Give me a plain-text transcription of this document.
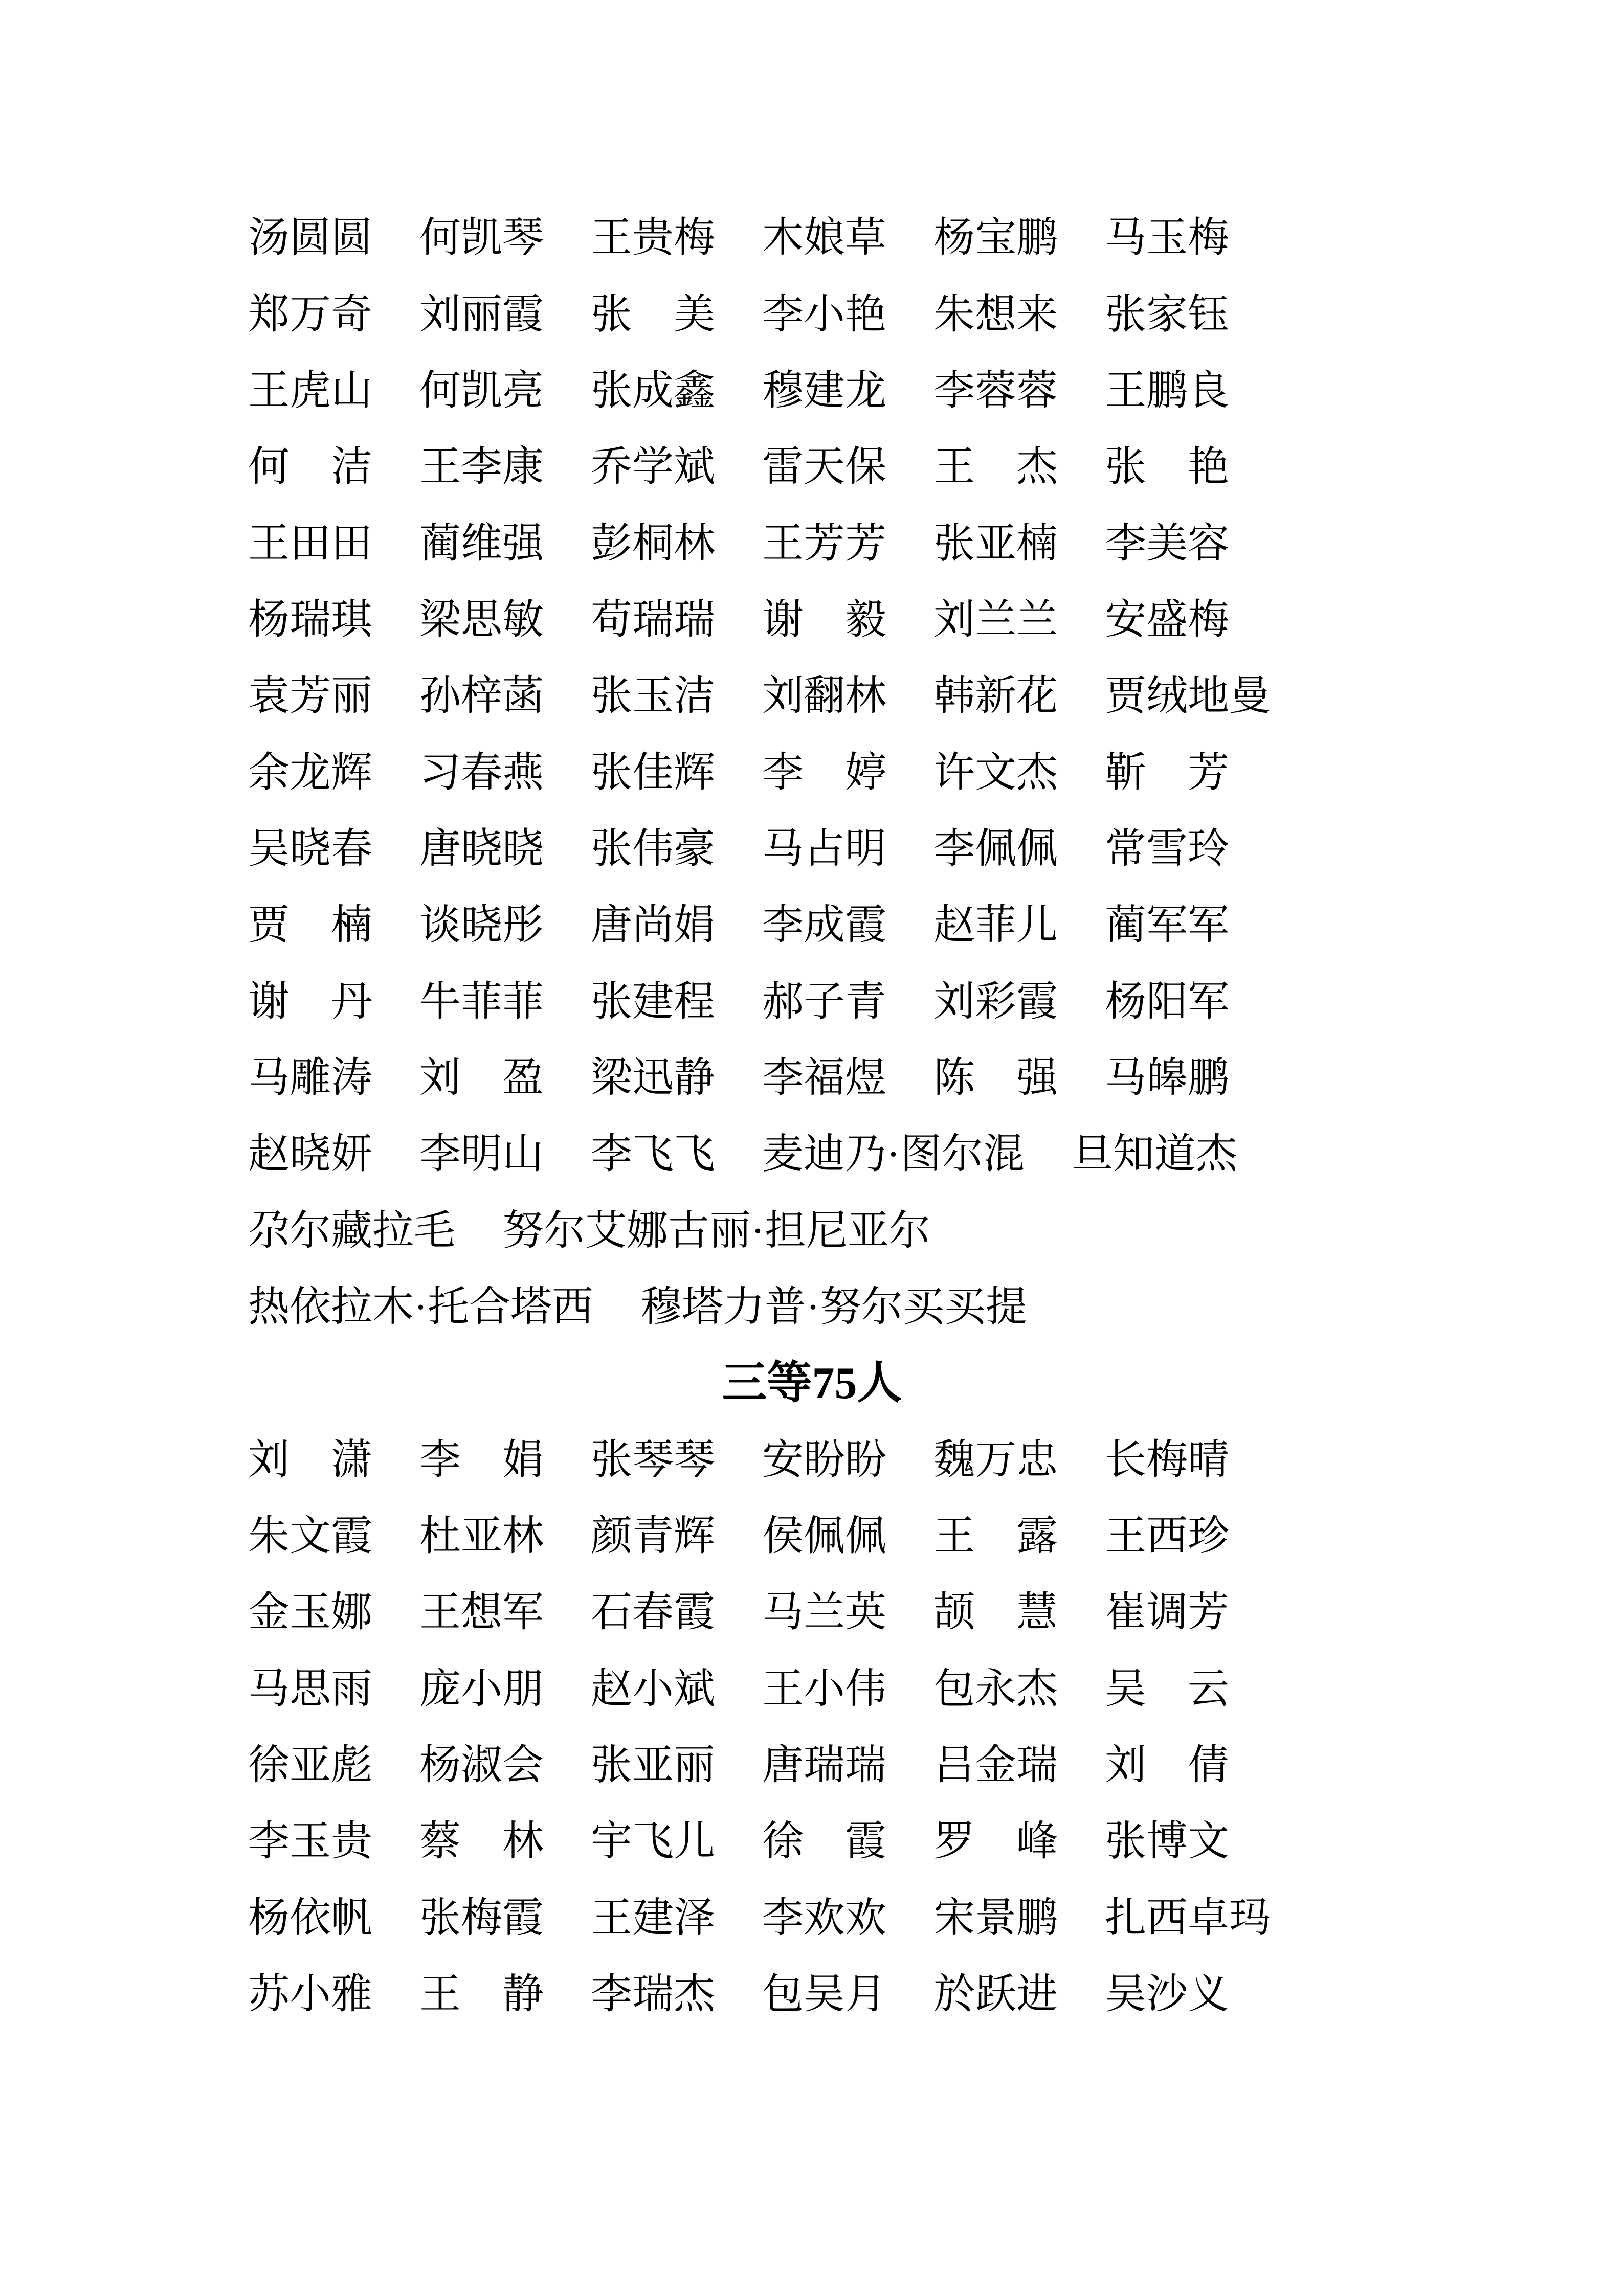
汤圆圆 何凯琴 王贵梅 木娘草 杨宝鹏 马玉梅
郑万奇 刘丽霞 张　美 李小艳 朱想来 张家钰
王虎山 何凯亮 张成鑫 穆建龙 李蓉蓉 王鹏良
何　洁 王李康 乔学斌 雷天保 王　杰 张　艳
王田田 蔺维强 彭桐林 王芳芳 张亚楠 李美容
杨瑞琪 梁思敏 苟瑞瑞 谢　毅 刘兰兰 安盛梅
袁芳丽 孙梓菡 张玉洁 刘翻林 韩新花 贾绒地曼
余龙辉 习春燕 张佳辉 李　婷 许文杰 靳　芳
吴晓春 唐晓晓 张伟豪 马占明 李佩佩 常雪玲
贾　楠 谈晓彤 唐尚娟 李成霞 赵菲儿 蔺军军
谢　丹 牛菲菲 张建程 郝子青 刘彩霞 杨阳军
马雕涛 刘　盈 梁迅静 李福煜 陈　强 马皞鹏
赵晓妍 李明山 李飞飞 麦迪乃·图尔混 旦知道杰
尕尔藏拉毛 努尔艾娜古丽·担尼亚尔
热依拉木·托合塔西 穆塔力普·努尔买买提
三等75人
刘　潇 李　娟 张琴琴 安盼盼 魏万忠 长梅晴
朱文霞 杜亚林 颜青辉 侯佩佩 王　露 王西珍
金玉娜 王想军 石春霞 马兰英 颉　慧 崔调芳
马思雨 庞小朋 赵小斌 王小伟 包永杰 吴　云
徐亚彪 杨淑会 张亚丽 唐瑞瑞 吕金瑞 刘　倩
李玉贵 蔡　林 宇飞儿 徐　霞 罗　峰 张博文
杨依帆 张梅霞 王建泽 李欢欢 宋景鹏 扎西卓玛
苏小雅 王　静 李瑞杰 包吴月 於跃进 吴沙义
